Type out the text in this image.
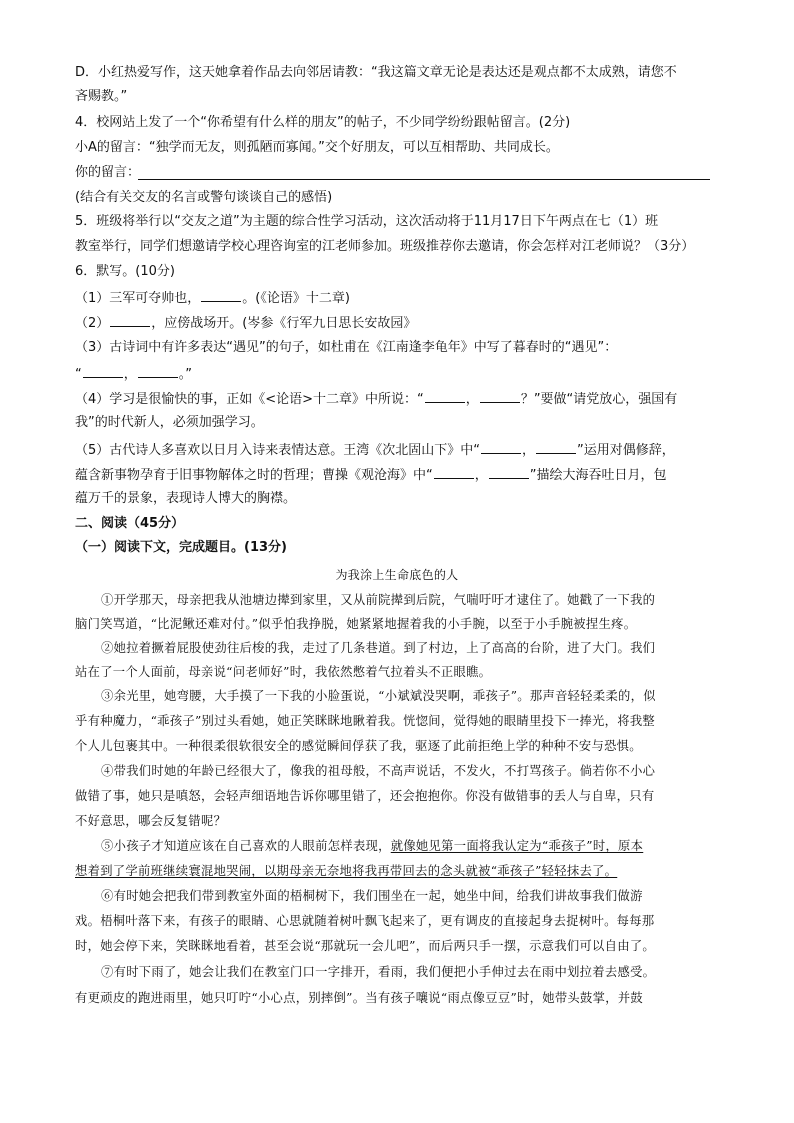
D．小红热爱写作，这天她拿着作品去向邻居请教：“我这篇文章无论是表达还是观点都不太成熟，请您不
吝赐教。”
4．校网站上发了一个“你希望有什么样的朋友”的帖子，不少同学纷纷跟帖留言。(2分)
小A的留言：“独学而无友，则孤陋而寡闻。”交个好朋友，可以互相帮助、共同成长。
你的留言：
(结合有关交友的名言或警句谈谈自己的感悟)
5．班级将举行以“交友之道”为主题的综合性学习活动，这次活动将于11月17日下午两点在七（1）班
教室举行，同学们想邀请学校心理咨询室的江老师参加。班级推荐你去邀请，你会怎样对江老师说？（3分）
6．默写。(10分)
（1）三军可夺帅也，	。(《论语》十二章)
（2）	，应傍战场开。(岑参《行军九日思长安故园》
（3）古诗词中有许多表达“遇见”的句子，如杜甫在《江南逢李龟年》中写了暮春时的“遇见”：
“	，	。”
（4）学习是很愉快的事，正如《<论语>十二章》中所说：“	，	？”要做“请党放心，强国有
我”的时代新人，必须加强学习。
（5）古代诗人多喜欢以日月入诗来表情达意。王湾《次北固山下》中“	，	”运用对偶修辞，
蕴含新事物孕育于旧事物解体之时的哲理；曹操《观沧海》中“	，	”描绘大海吞吐日月，包
蕴万千的景象，表现诗人博大的胸襟。
二、阅读（45分）
（一）阅读下文，完成题目。(13分)
为我涂上生命底色的人
①开学那天，母亲把我从池塘边撵到家里，又从前院撵到后院，气喘吁吁才逮住了。她戳了一下我的
脑门笑骂道，“比泥鳅还难对付。”似乎怕我挣脱，她紧紧地握着我的小手腕，以至于小手腕被捏生疼。
②她拉着撅着屁股使劲往后梭的我，走过了几条巷道。到了村边，上了高高的台阶，进了大门。我们
站在了一个人面前，母亲说“问老师好”时，我依然憋着气拉着头不正眼瞧。
③余光里，她弯腰，大手摸了一下我的小脸蛋说，“小斌斌没哭啊，乖孩子”。那声音轻轻柔柔的，似
乎有种魔力，“乖孩子”别过头看她，她正笑眯眯地瞅着我。恍惚间，觉得她的眼睛里投下一捧光，将我整
个人儿包裹其中。一种很柔很软很安全的感觉瞬间俘获了我，驱逐了此前拒绝上学的种种不安与恐惧。
④带我们时她的年龄已经很大了，像我的祖母般，不高声说话，不发火，不打骂孩子。倘若你不小心
做错了事，她只是嗔怒，会轻声细语地告诉你哪里错了，还会抱抱你。你没有做错事的丢人与自卑，只有
不好意思，哪会反复错呢？
⑤小孩子才知道应该在自己喜欢的人眼前怎样表现，就像她见第一面将我认定为“乖孩子”时，原本
想着到了学前班继续寰混地哭闹，以期母亲无奈地将我再带回去的念头就被“乖孩子”轻轻抹去了。
⑥有时她会把我们带到教室外面的梧桐树下，我们围坐在一起，她坐中间，给我们讲故事我们做游
戏。梧桐叶落下来，有孩子的眼睛、心思就随着树叶飘飞起来了，更有调皮的直接起身去捉树叶。每每那
时，她会停下来，笑眯眯地看着，甚至会说“那就玩一会儿吧”，而后两只手一摆，示意我们可以自由了。
⑦有时下雨了，她会让我们在教室门口一字排开，看雨，我们便把小手伸过去在雨中划拉着去感受。
有更顽皮的跑进雨里，她只叮咛“小心点，别摔倒”。当有孩子嚷说“雨点像豆豆”时，她带头鼓掌，并鼓
